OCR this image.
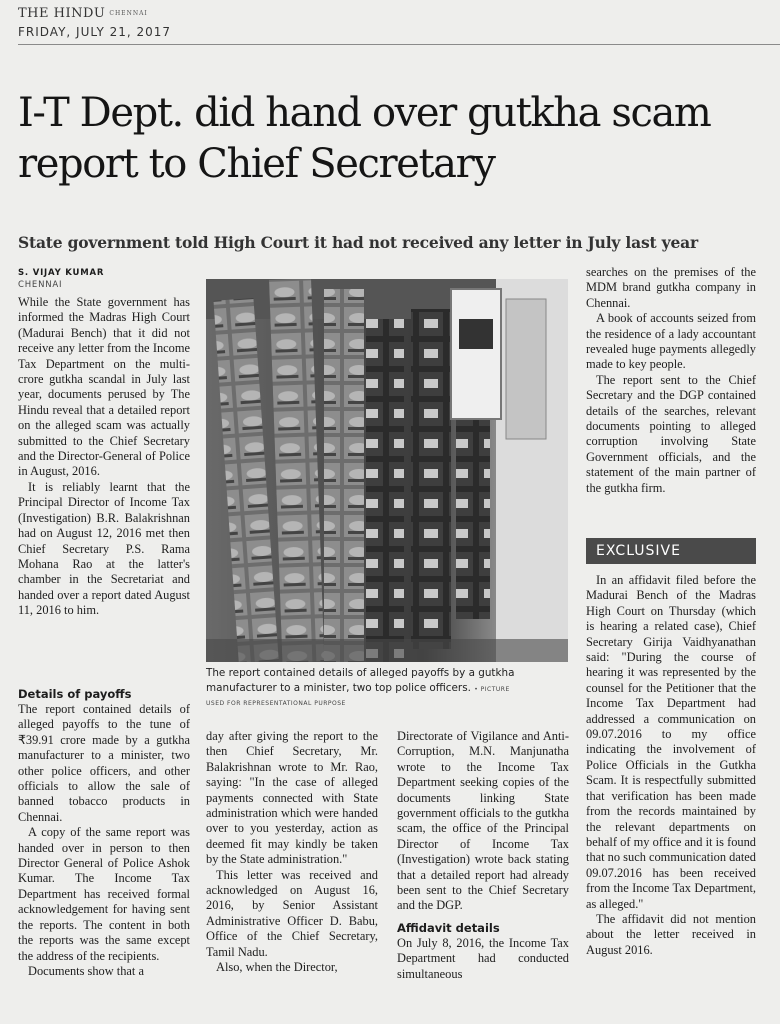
THE HINDU CHENNAI
FRIDAY, JULY 21, 2017
I-T Dept. did hand over gutkha scam report to Chief Secretary
State government told High Court it had not received any letter in July last year
S. VIJAY KUMAR
CHENNAI

While the State government has informed the Madras High Court (Madurai Bench) that it did not receive any letter from the Income Tax Department on the multi-crore gutkha scandal in July last year, documents perused by The Hindu reveal that a detailed report on the alleged scam was actually submitted to the Chief Secretary and the Director-General of Police in August, 2016.

It is reliably learnt that the Principal Director of Income Tax (Investigation) B.R. Balakrishnan had on August 12, 2016 met then Chief Secretary P.S. Rama Mohana Rao at the latter's chamber in the Secretariat and handed over a report dated August 11, 2016 to him.

Details of payoffs

The report contained details of alleged payoffs to the tune of ₹39.91 crore made by a gutkha manufacturer to a minister, two other police officers, and other officials to allow the sale of banned tobacco products in Chennai.

A copy of the same report was handed over in person to then Director General of Police Ashok Kumar. The Income Tax Department has received formal acknowledgement for having sent the reports. The content in both the reports was the same except the address of the recipients.

Documents show that a

The report contained details of alleged payoffs by a gutkha manufacturer to a minister, two top police officers. • PICTURE
USED FOR REPRESENTATIONAL PURPOSE

day after giving the report to the then Chief Secretary, Mr. Balakrishnan wrote to Mr. Rao, saying: "In the case of alleged payments connected with State administration which were handed over to you yesterday, action as deemed fit may kindly be taken by the State administration."

This letter was received and acknowledged on August 16, 2016, by Senior Assistant Administrative Officer D. Babu, Office of the Chief Secretary, Tamil Nadu.

Also, when the Director,

Directorate of Vigilance and Anti-Corruption, M.N. Manjunatha wrote to the Income Tax Department seeking copies of the documents linking State government officials to the gutkha scam, the office of the Principal Director of Income Tax (Investigation) wrote back stating that a detailed report had already been sent to the Chief Secretary and the DGP.

Affidavit details

On July 8, 2016, the Income Tax Department had conducted simultaneous

searches on the premises of the MDM brand gutkha company in Chennai.

A book of accounts seized from the residence of a lady accountant revealed huge payments allegedly made to key people.

The report sent to the Chief Secretary and the DGP contained details of the searches, relevant documents pointing to alleged corruption involving State Government officials, and the statement of the main partner of the gutkha firm.

EXCLUSIVE

In an affidavit filed before the Madurai Bench of the Madras High Court on Thursday (which is hearing a related case), Chief Secretary Girija Vaidhyanathan said: "During the course of hearing it was represented by the counsel for the Petitioner that the Income Tax Department had addressed a communication on 09.07.2016 to my office indicating the involvement of Police Officials in the Gutkha Scam. It is respectfully submitted that verification has been made from the records maintained by the relevant departments on behalf of my office and it is found that no such communication dated 09.07.2016 has been received from the Income Tax Department, as alleged."

The affidavit did not mention about the letter received in August 2016.
